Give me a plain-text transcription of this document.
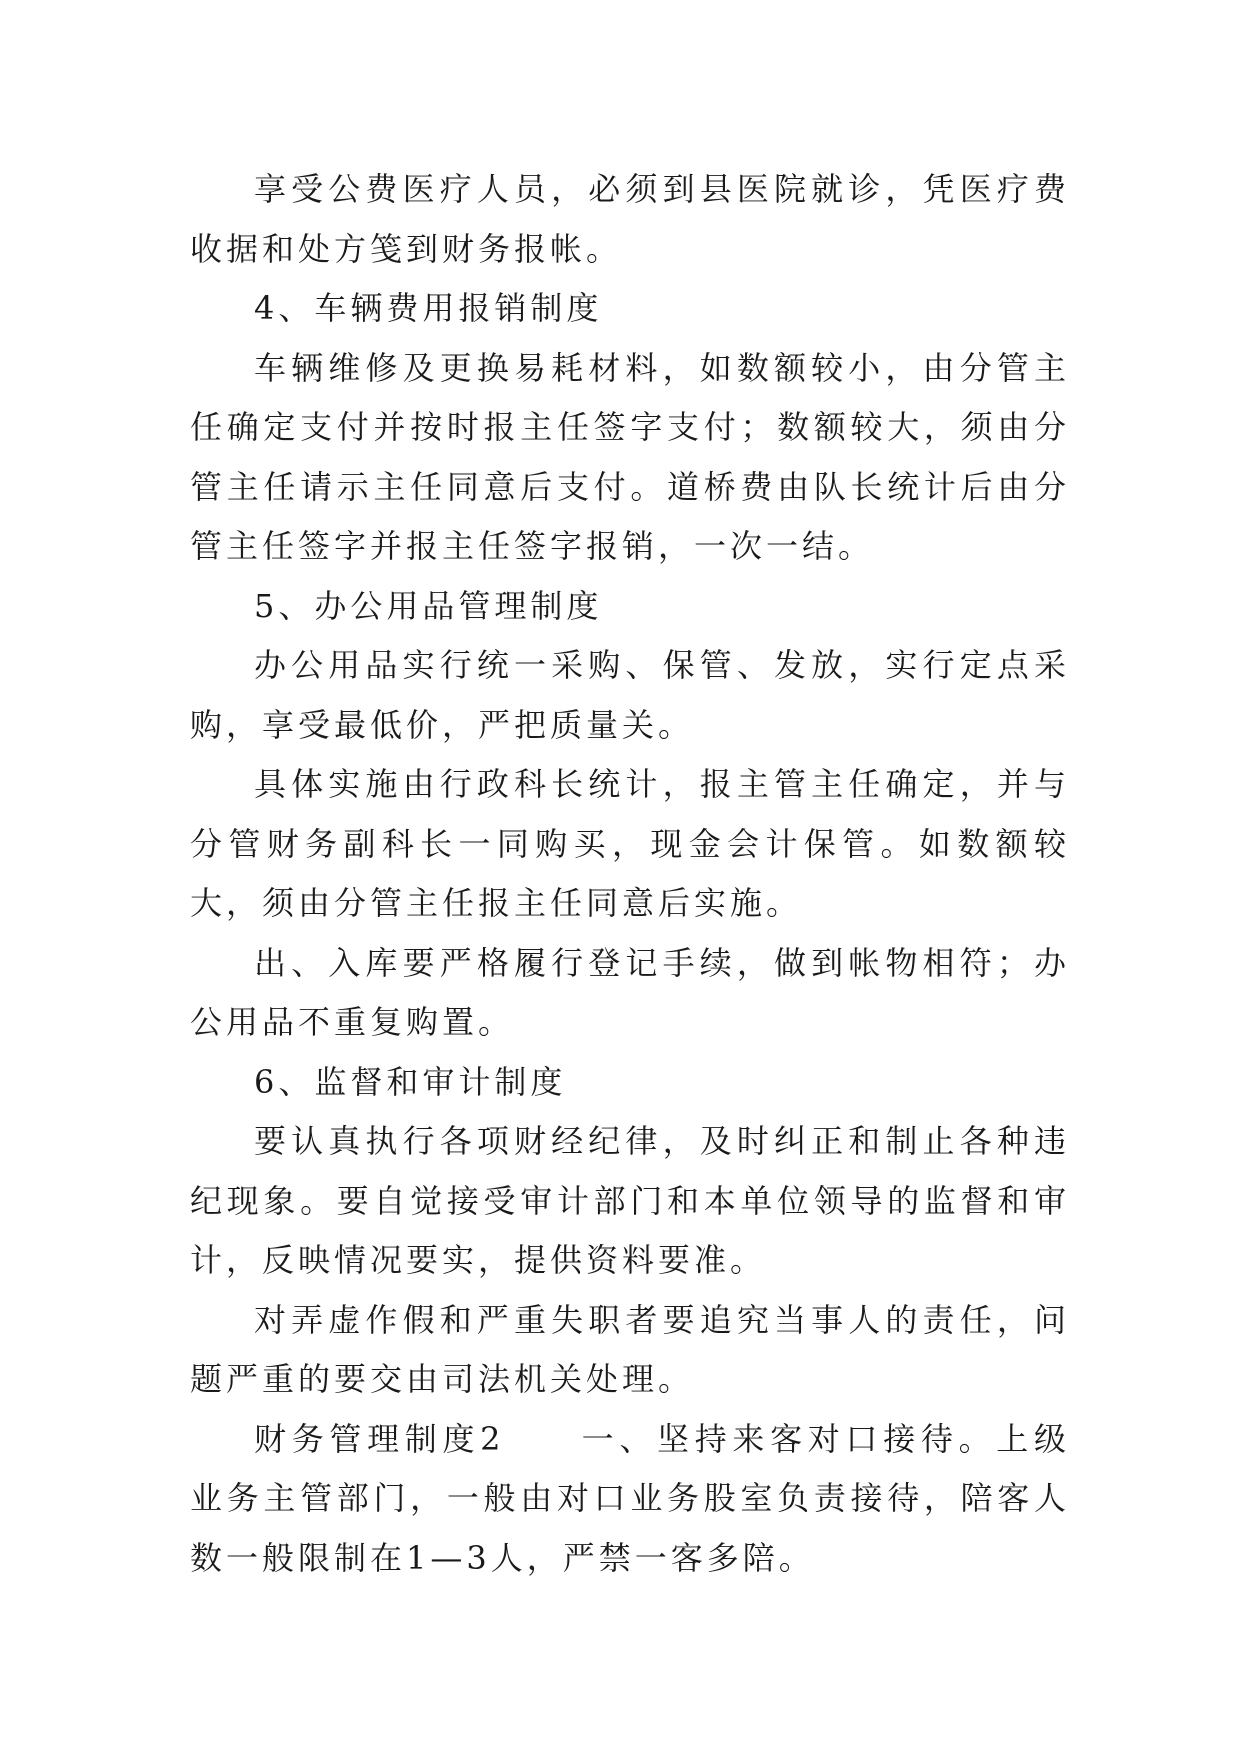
享受公费医疗人员，必须到县医院就诊，凭医疗费收据和处方笺到财务报帐。

4、车辆费用报销制度

车辆维修及更换易耗材料，如数额较小，由分管主任确定支付并按时报主任签字支付；数额较大，须由分管主任请示主任同意后支付。道桥费由队长统计后由分管主任签字并报主任签字报销，一次一结。

5、办公用品管理制度

办公用品实行统一采购、保管、发放，实行定点采购，享受最低价，严把质量关。

具体实施由行政科长统计，报主管主任确定，并与分管财务副科长一同购买，现金会计保管。如数额较大，须由分管主任报主任同意后实施。

出、入库要严格履行登记手续，做到帐物相符；办公用品不重复购置。

6、监督和审计制度

要认真执行各项财经纪律，及时纠正和制止各种违纪现象。要自觉接受审计部门和本单位领导的监督和审计，反映情况要实，提供资料要准。

对弄虚作假和严重失职者要追究当事人的责任，问题严重的要交由司法机关处理。

财务管理制度2　　一、坚持来客对口接待。上级业务主管部门，一般由对口业务股室负责接待，陪客人数一般限制在1—3人，严禁一客多陪。
